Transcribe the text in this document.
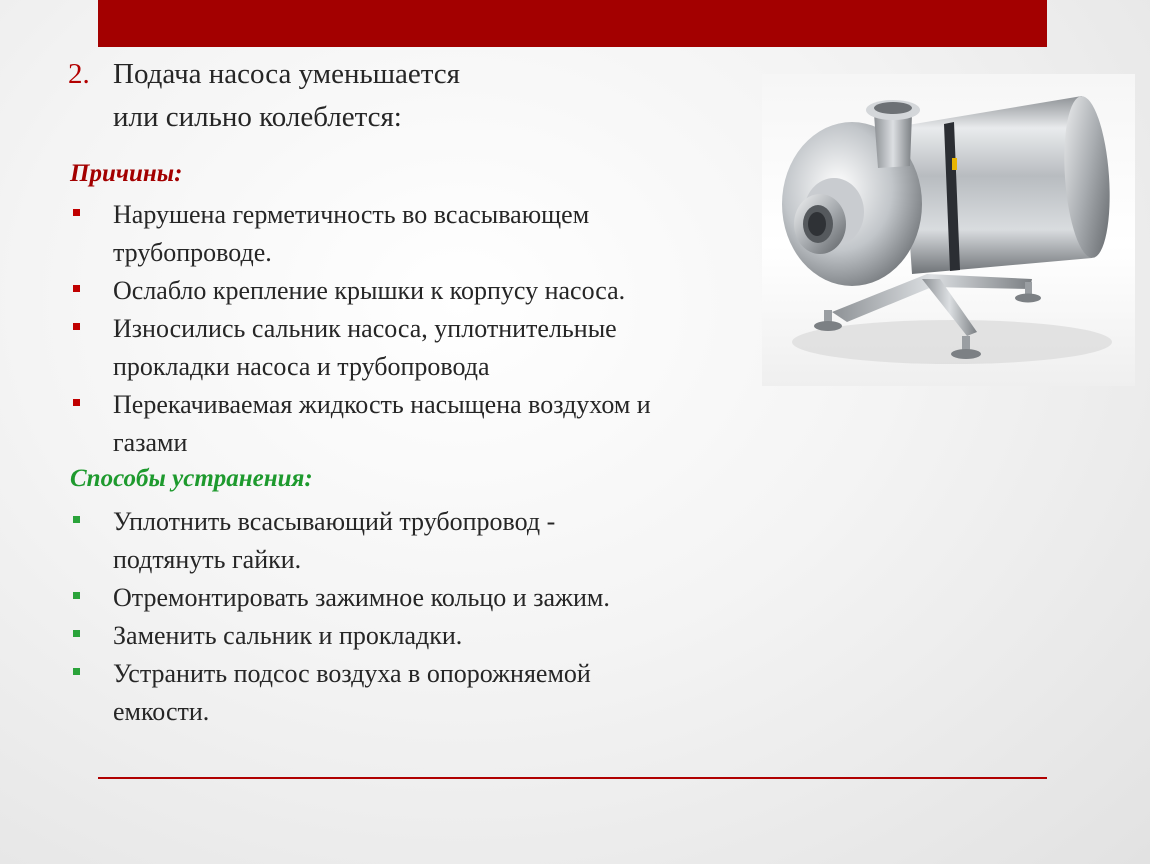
2. Подача насоса уменьшается
или сильно колеблется:
Причины:
Нарушена герметичность во всасывающем
трубопроводе.
Ослабло крепление крышки к корпусу насоса.
Износились сальник насоса, уплотнительные
прокладки насоса и трубопровода
Перекачиваемая жидкость насыщена воздухом и
газами
Способы устранения:
Уплотнить всасывающий трубопровод -
подтянуть гайки.
Отремонтировать зажимное кольцо и зажим.
Заменить сальник и прокладки.
Устранить подсос воздуха в опорожняемой
емкости.
